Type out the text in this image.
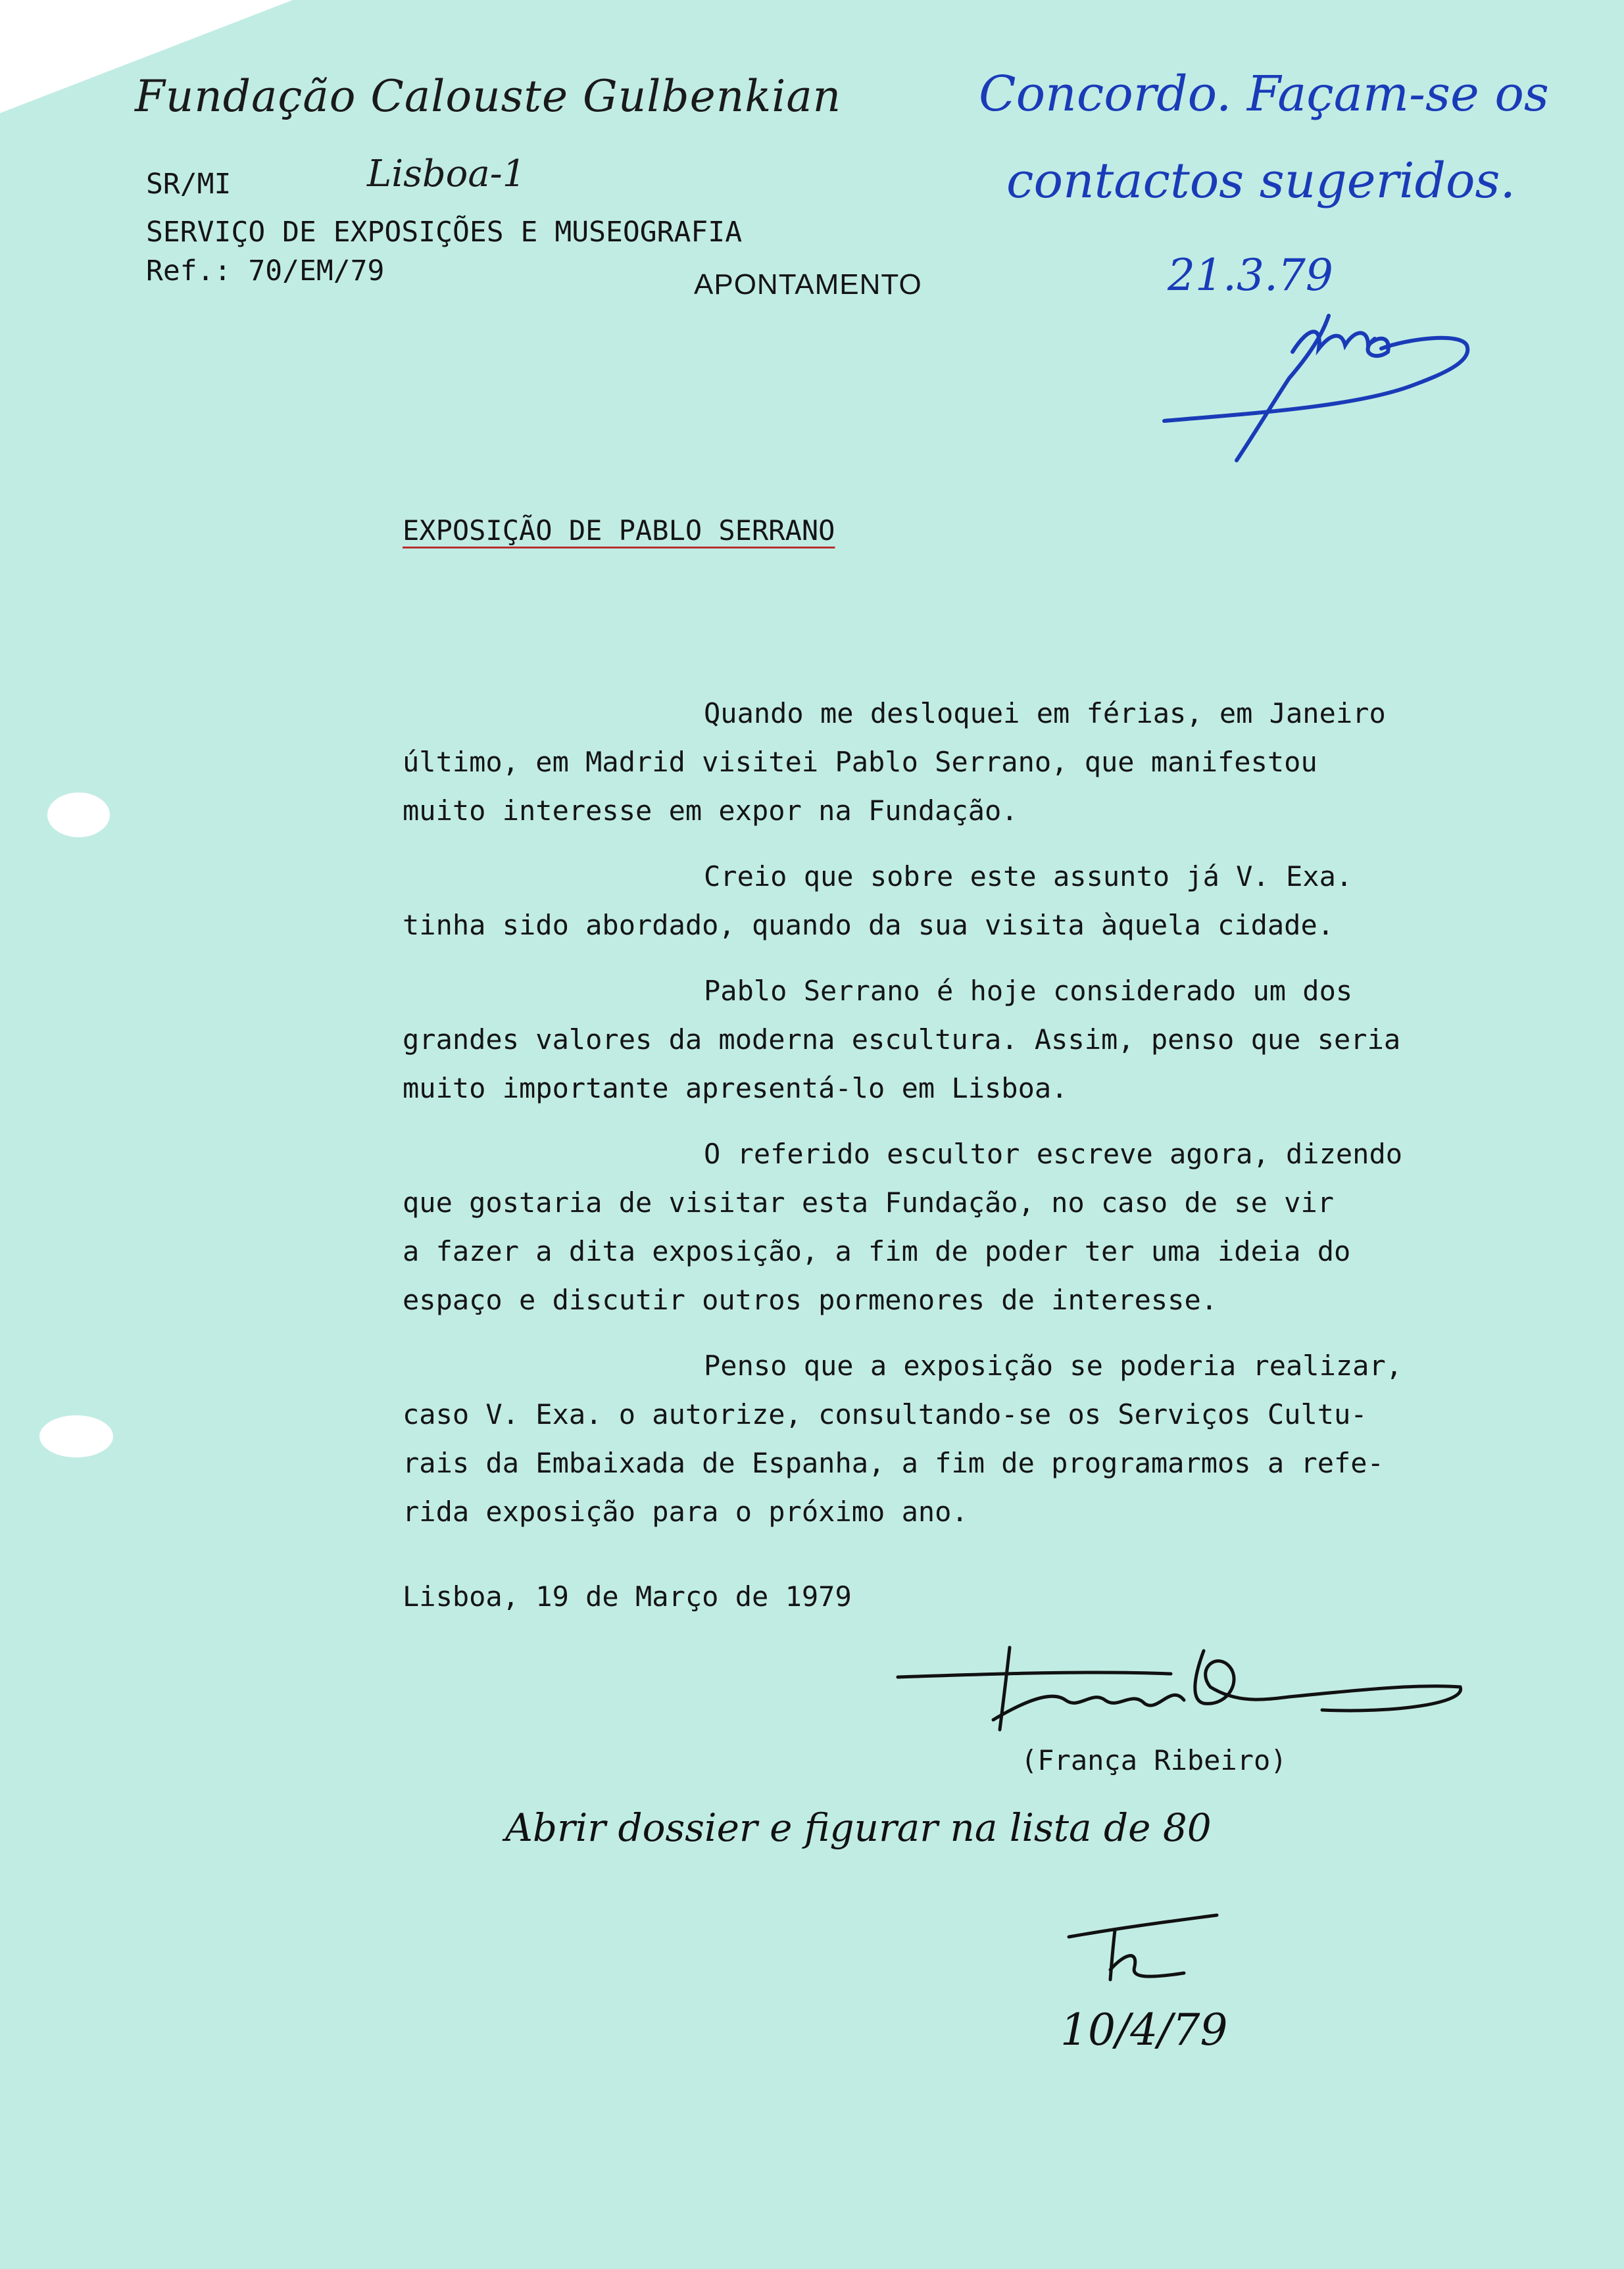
Fundação Calouste Gulbenkian
Lisboa-1
SR/MI
SERVIÇO DE EXPOSIÇÕES E MUSEOGRAFIA
Ref.: 70/EM/79	APONTAMENTO
Concordo. Façam-se os
contactos sugeridos.
21.3.79
EXPOSIÇÃO DE PABLO SERRANO
Quando me desloquei em férias, em Janeiro
último, em Madrid visitei Pablo Serrano, que manifestou
muito interesse em expor na Fundação.
Creio que sobre este assunto já V. Exa.
tinha sido abordado, quando da sua visita àquela cidade.
Pablo Serrano é hoje considerado um dos
grandes valores da moderna escultura. Assim, penso que seria
muito importante apresentá-lo em Lisboa.
O referido escultor escreve agora, dizendo
que gostaria de visitar esta Fundação, no caso de se vir
a fazer a dita exposição, a fim de poder ter uma ideia do
espaço e discutir outros pormenores de interesse.
Penso que a exposição se poderia realizar,
caso V. Exa. o autorize, consultando-se os Serviços Cultu-
rais da Embaixada de Espanha, a fim de programarmos a refe-
rida exposição para o próximo ano.
Lisboa, 19 de Março de 1979
(França Ribeiro)
Abrir dossier e figurar na lista de 80
10/4/79
